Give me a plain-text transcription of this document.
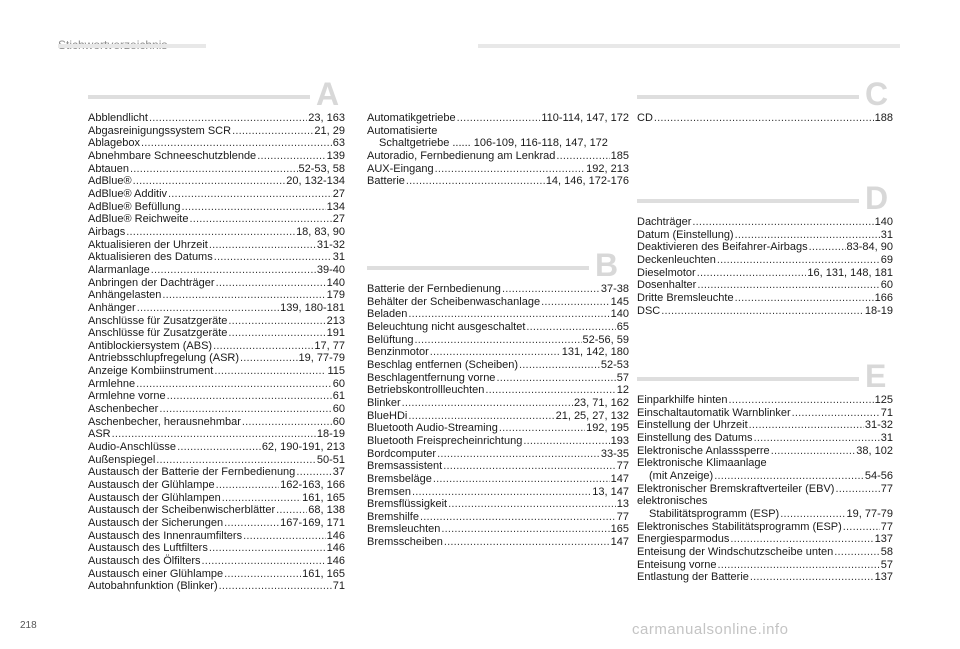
A
Abblendlicht .....	23, 163
Abgasreinigungssystem SCR .....	21, 29
Ablagebox .....	63
Abnehmbare Schneeschutzblende .....	139
Abtauen .....	52-53, 58
AdBlue® .....	20, 132-134
AdBlue® Additiv .....	27
AdBlue® Befüllung .....	134
AdBlue® Reichweite .....	27
Airbags .....	18, 83, 90
Aktualisieren der Uhrzeit .....	31-32
Aktualisieren des Datums .....	31
Alarmanlage .....	39-40
Anbringen der Dachträger .....	140
Anhängelasten .....	179
Anhänger .....	139, 180-181
Anschlüsse für Zusatzgeräte .....	213
Anschlüsse für Zusatzgeräte .....	191
Antiblockiersystem (ABS) .....	17, 77
Antriebsschlupfregelung (ASR) .....	19, 77-79
Anzeige Kombiinstrument .....	115
Armlehne .....	60
Armlehne vorne .....	61
Aschenbecher .....	60
Aschenbecher, herausnehmbar .....	60
ASR .....	18-19
Audio-Anschlüsse .....	62, 190-191, 213
Außenspiegel .....	50-51
Austausch der Batterie der Fernbedienung .....	37
Austausch der Glühlampe .....	162-163, 166
Austausch der Glühlampen .....	161, 165
Austausch der Scheibenwischerblätter .....	68, 138
Austausch der Sicherungen .....	167-169, 171
Austausch des Innenraumfilters .....	146
Austausch des Luftfilters .....	146
Austausch des Ölfilters .....	146
Austausch einer Glühlampe .....	161, 165
Autobahnfunktion (Blinker) .....	71
Automatikgetriebe .....	110-114, 147, 172
Automatisierte
Schaltgetriebe ...... 106-109, 116-118, 147, 172
Autoradio, Fernbedienung am Lenkrad .....	185
AUX-Eingang .....	192, 213
Batterie .....	14, 146, 172-176
B
Batterie der Fernbedienung .....	37-38
Behälter der Scheibenwaschanlage .....	145
Beladen .....	140
Beleuchtung nicht ausgeschaltet .....	65
Belüftung .....	52-56, 59
Benzinmotor .....	131, 142, 180
Beschlag entfernen (Scheiben) .....	52-53
Beschlagentfernung vorne .....	57
Betriebskontrollleuchten .....	12
Blinker .....	23, 71, 162
BlueHDi .....	21, 25, 27, 132
Bluetooth Audio-Streaming .....	192, 195
Bluetooth Freisprecheinrichtung .....	193
Bordcomputer .....	33-35
Bremsassistent .....	77
Bremsbeläge .....	147
Bremsen .....	13, 147
Bremsflüssigkeit .....	13
Bremshilfe .....	77
Bremsleuchten .....	165
Bremsscheiben .....	147
C
CD .....	188
D
Dachträger .....	140
Datum (Einstellung) .....	31
Deaktivieren des Beifahrer-Airbags .....	83-84, 90
Deckenleuchten .....	69
Dieselmotor .....	16, 131, 148, 181
Dosenhalter .....	60
Dritte Bremsleuchte .....	166
DSC .....	18-19
E
Einparkhilfe hinten .....	125
Einschaltautomatik Warnblinker .....	71
Einstellung der Uhrzeit .....	31-32
Einstellung des Datums .....	31
Elektronische Anlasssperre .....	38, 102
Elektronische Klimaanlage
(mit Anzeige) .....	54-56
Elektronischer Bremskraftverteiler (EBV) .....	77
elektronisches
Stabilitätsprogramm (ESP) .....	19, 77-79
Elektronisches Stabilitätsprogramm (ESP) .....	77
Energiesparmodus .....	137
Enteisung der Windschutzscheibe unten .....	58
Enteisung vorne .....	57
Entlastung der Batterie .....	137
218	carmanualsonline.info
